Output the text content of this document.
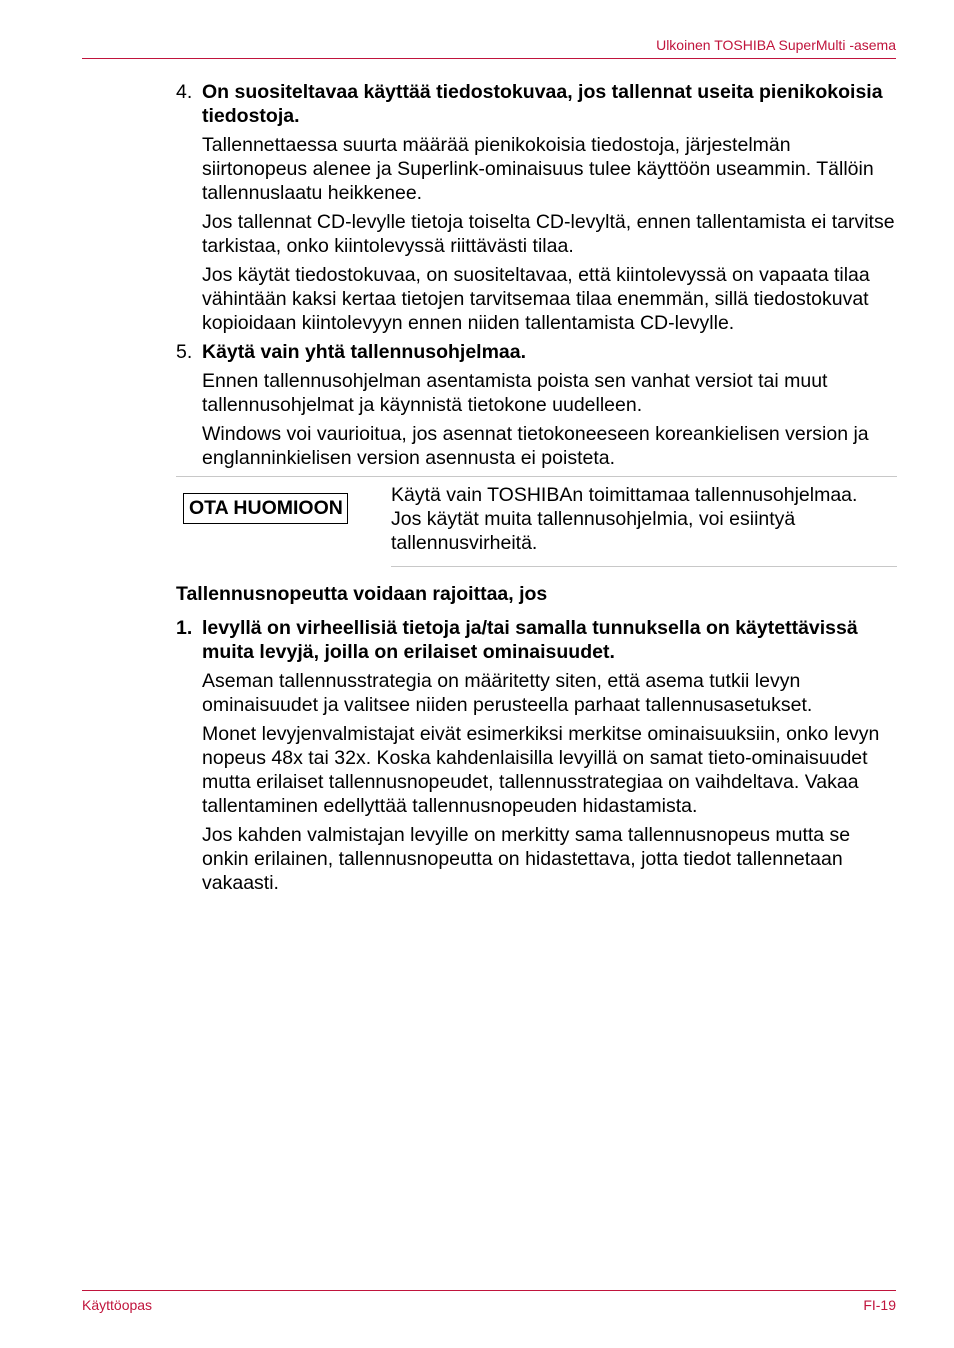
Ulkoinen TOSHIBA SuperMulti -asema
4. On suositeltavaa käyttää tiedostokuvaa, jos tallennat useita pienikokoisia tiedostoja.

Tallennettaessa suurta määrää pienikokoisia tiedostoja, järjestelmän siirtonopeus alenee ja Superlink-ominaisuus tulee käyttöön useammin. Tällöin tallennuslaatu heikkenee.

Jos tallennat CD-levylle tietoja toiselta CD-levyltä, ennen tallentamista ei tarvitse tarkistaa, onko kiintolevyssä riittävästi tilaa.

Jos käytät tiedostokuvaa, on suositeltavaa, että kiintolevyssä on vapaata tilaa vähintään kaksi kertaa tietojen tarvitsemaa tilaa enemmän, sillä tiedostokuvat kopioidaan kiintolevyyn ennen niiden tallentamista CD-levylle.

5. Käytä vain yhtä tallennusohjelmaa.

Ennen tallennusohjelman asentamista poista sen vanhat versiot tai muut tallennusohjelmat ja käynnistä tietokone uudelleen.

Windows voi vaurioitua, jos asennat tietokoneeseen koreankielisen version ja englanninkielisen version asennusta ei poisteta.

OTA HUOMIOON
Käytä vain TOSHIBAn toimittamaa tallennusohjelmaa. Jos käytät muita tallennusohjelmia, voi esiintyä tallennusvirheitä.

Tallennusnopeutta voidaan rajoittaa, jos

1. levyllä on virheellisiä tietoja ja/tai samalla tunnuksella on käytettävissä muita levyjä, joilla on erilaiset ominaisuudet.

Aseman tallennusstrategia on määritetty siten, että asema tutkii levyn ominaisuudet ja valitsee niiden perusteella parhaat tallennusasetukset.

Monet levyjenvalmistajat eivät esimerkiksi merkitse ominaisuuksiin, onko levyn nopeus 48x tai 32x. Koska kahdenlaisilla levyillä on samat tieto-ominaisuudet mutta erilaiset tallennusnopeudet, tallennusstrategiaa on vaihdeltava. Vakaa tallentaminen edellyttää tallennusnopeuden hidastamista.

Jos kahden valmistajan levyille on merkitty sama tallennusnopeus mutta se onkin erilainen, tallennusnopeutta on hidastettava, jotta tiedot tallennetaan vakaasti.

Käyttöopas	FI-19
